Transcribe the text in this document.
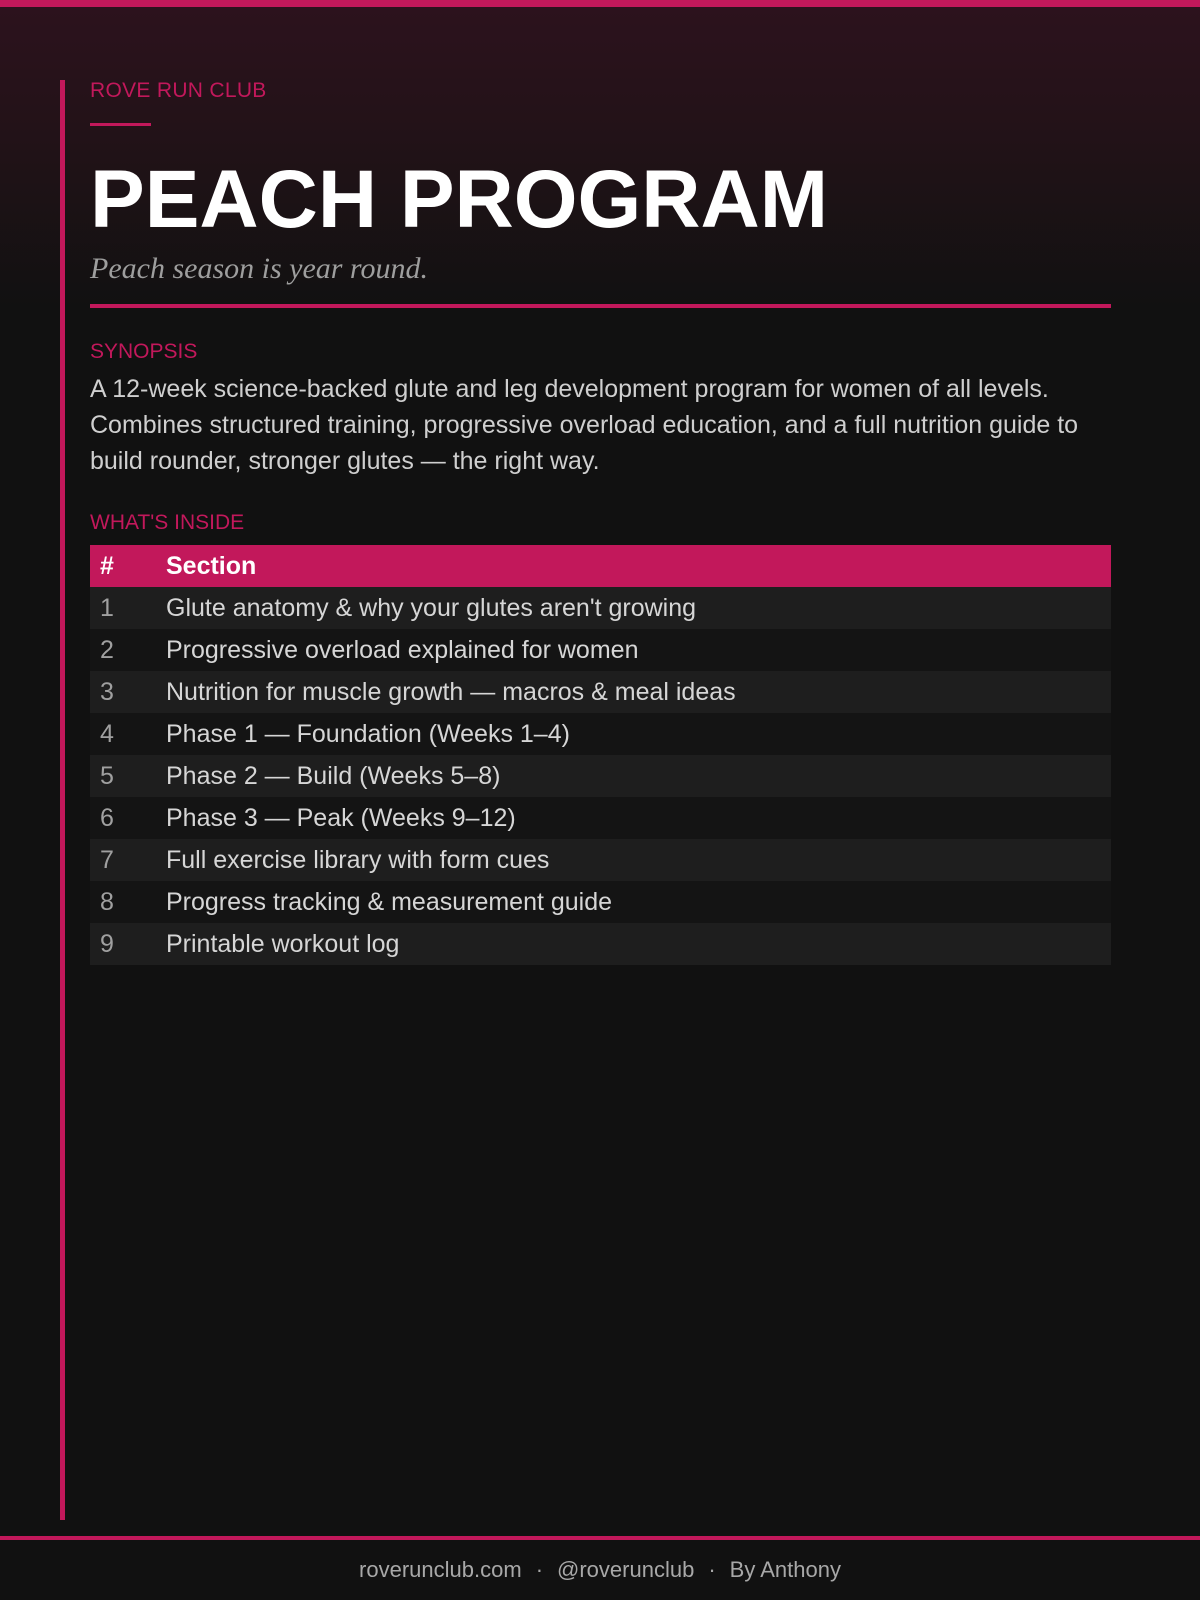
ROVE RUN CLUB
PEACH PROGRAM
Peach season is year round.
SYNOPSIS

A 12-week science-backed glute and leg development program for women of all levels. Combines structured training, progressive overload education, and a full nutrition guide to build rounder, stronger glutes — the right way.

WHAT'S INSIDE
#	Section
1	Glute anatomy & why your glutes aren't growing
2	Progressive overload explained for women
3	Nutrition for muscle growth — macros & meal ideas
4	Phase 1 — Foundation (Weeks 1–4)
5	Phase 2 — Build (Weeks 5–8)
6	Phase 3 — Peak (Weeks 9–12)
7	Full exercise library with form cues
8	Progress tracking & measurement guide
9	Printable workout log
roverunclub.com · @roverunclub · By Anthony
